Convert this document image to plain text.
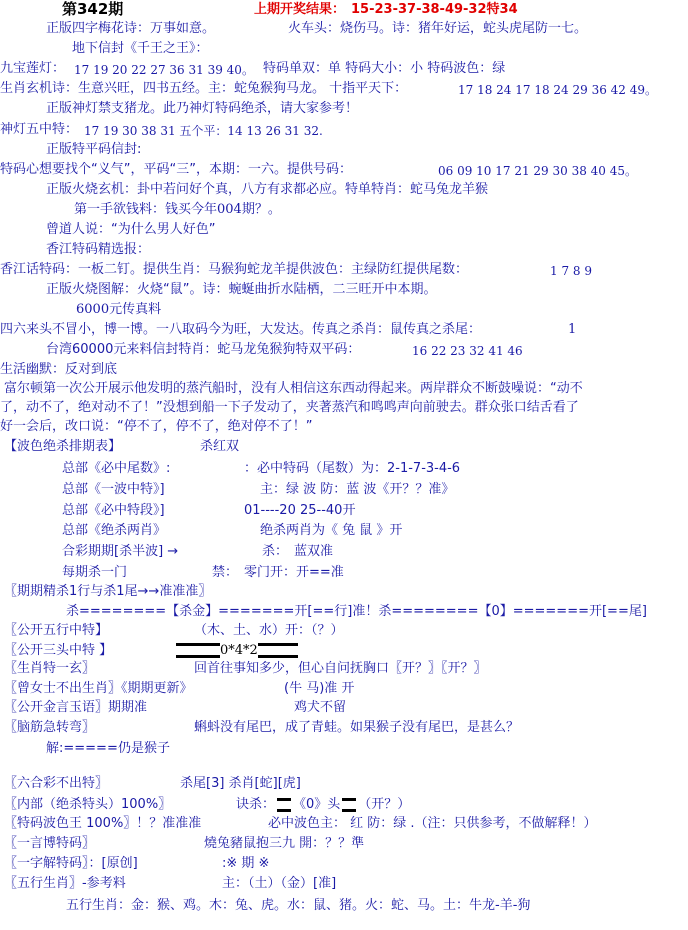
第342期	上期开奖结果： 15-23-37-38-49-32特34
正版四字梅花诗：万事如意。	火车头：烧伤马。诗：猪年好运，蛇头虎尾防一七。
地下信封《千王之王》：
九宝莲灯： 17 19 20 22 27 36 31 39 40。 特码单双：单 特码大小：小 特码波色：绿
生肖玄机诗：生意兴旺，四书五经。主：蛇兔猴狗马龙。 十指平天下：	17 18 24 17 18 24 29 36 42 49。
正版神灯禁支猪龙。此乃神灯特码绝杀，请大家参考！
神灯五中特： 17 19 30 38 31 五个平：14 13 26 31 32.
正版特平码信封:
特码心想要找个“义气”，平码“三”，本期：一六。提供号码：	06 09 10 17 21 29 30 38 40 45。
正版火烧玄机：卦中若问好个真，八方有求都必应。特单特肖：蛇马兔龙羊猴
第一手欲钱料：钱买今年004期？。
曾道人说：“为什么男人好色”
香江特码精选报：
香江话特码：一板二钉。提供生肖：马猴狗蛇龙羊提供波色：主绿防红提供尾数：	1 7 8 9
正版火烧图解：火烧“鼠”。诗：蜿蜒曲折水陆栖，二三旺开中本期。
6000元传真料
四六来头不冒小，博一博。一八取码今为旺，大发达。传真之杀肖：鼠传真之杀尾：	1
台湾60000元来料信封特肖：蛇马龙兔猴狗特双平码：	16 22 23 32 41 46
生活幽默：反对到底
富尔顿第一次公开展示他发明的蒸汽船时，没有人相信这东西动得起来。两岸群众不断鼓噪说：“动不
了，动不了，绝对动不了！”没想到船一下子发动了，夹著蒸汽和鸣鸣声向前驶去。群众张口结舌看了
好一会后，改口说：“停不了，停不了，绝对停不了！”
【波色绝杀排期表】	杀红双
总部《必中尾数》:	：必中特码（尾数）为：2-1-7-3-4-6
总部《一波中特》]	主：绿 波 防：蓝 波《开？？准》
总部《必中特段》]	01----20 25--40开
总部《绝杀两肖》	绝杀两肖为《 兔 鼠 》开
合彩期期[杀半波] →	杀： 蓝双准
每期杀一门	禁： 零门开：开==准
〖期期精杀1行与杀1尾→→准准准〗
杀========【杀金】=======开[==行]准！杀========【0】=======开[==尾]
〖公开五行中特】	（木、土、水）开：（？）
〖公开三头中特 】	0*4*2
〖生肖特一玄〗	回首往事知多少，但心自问抚胸口〖开？〗〖开？〗
〖曾女士不出生肖〗《期期更新》	(牛 马)准 开
〖公开金言玉语〗期期准	鸡犬不留
〖脑筋急转弯〗	蝌蚪没有尾巴，成了青蛙。如果猴子没有尾巴，是甚么？
解:===== 仍是猴子
〖六合彩不出特〗	杀尾[3] 杀肖[蛇][虎]
〖内部（绝杀特头）100%〗	诀杀： 《0》头 （开？）
〖特码波色王 100%〗！？准准准	必中波色主： 红 防：绿 .（注：只供参考，不做解释！）
〖一言博特码〗	燒兔豬鼠抱三九 開：？？準
〖一字解特码〗：[原创]	:※ 期 ※
〖五行生肖〗-参考料	主：（土）（金）[准]
五行生肖：金：猴、鸡。木：兔、虎。水：鼠、猪。火：蛇、马。土：牛龙-羊-狗
